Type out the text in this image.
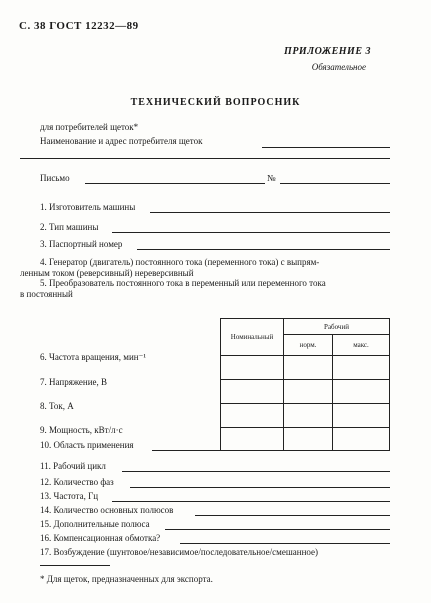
С. 38 ГОСТ 12232—89
ПРИЛОЖЕНИЕ 3
Обязательное
ТЕХНИЧЕСКИЙ ВОПРОСНИК
для потребителей щеток*
Наименование и адрес потребителя щеток
Письмо	№
1. Изготовитель машины
2. Тип машины
3. Паспортный номер
4. Генератор (двигатель) постоянного тока (переменного тока) с выпрям-
ленным током (реверсивный) нереверсивный
5. Преобразователь постоянного тока в переменный или переменного тока
в постоянный
Номинальный	Рабочий	
	норм.	макс.

6. Частота вращения, мин⁻¹
7. Напряжение, В
8. Ток, А
9. Мощность, кВт/л·с
10. Область применения
11. Рабочий цикл
12. Количество фаз
13. Частота, Гц
14. Количество основных полюсов
15. Дополнительные полюса
16. Компенсационная обмотка?
17. Возбуждение (шунтовое/независимое/последовательное/смешанное)
* Для щеток, предназначенных для экспорта.
